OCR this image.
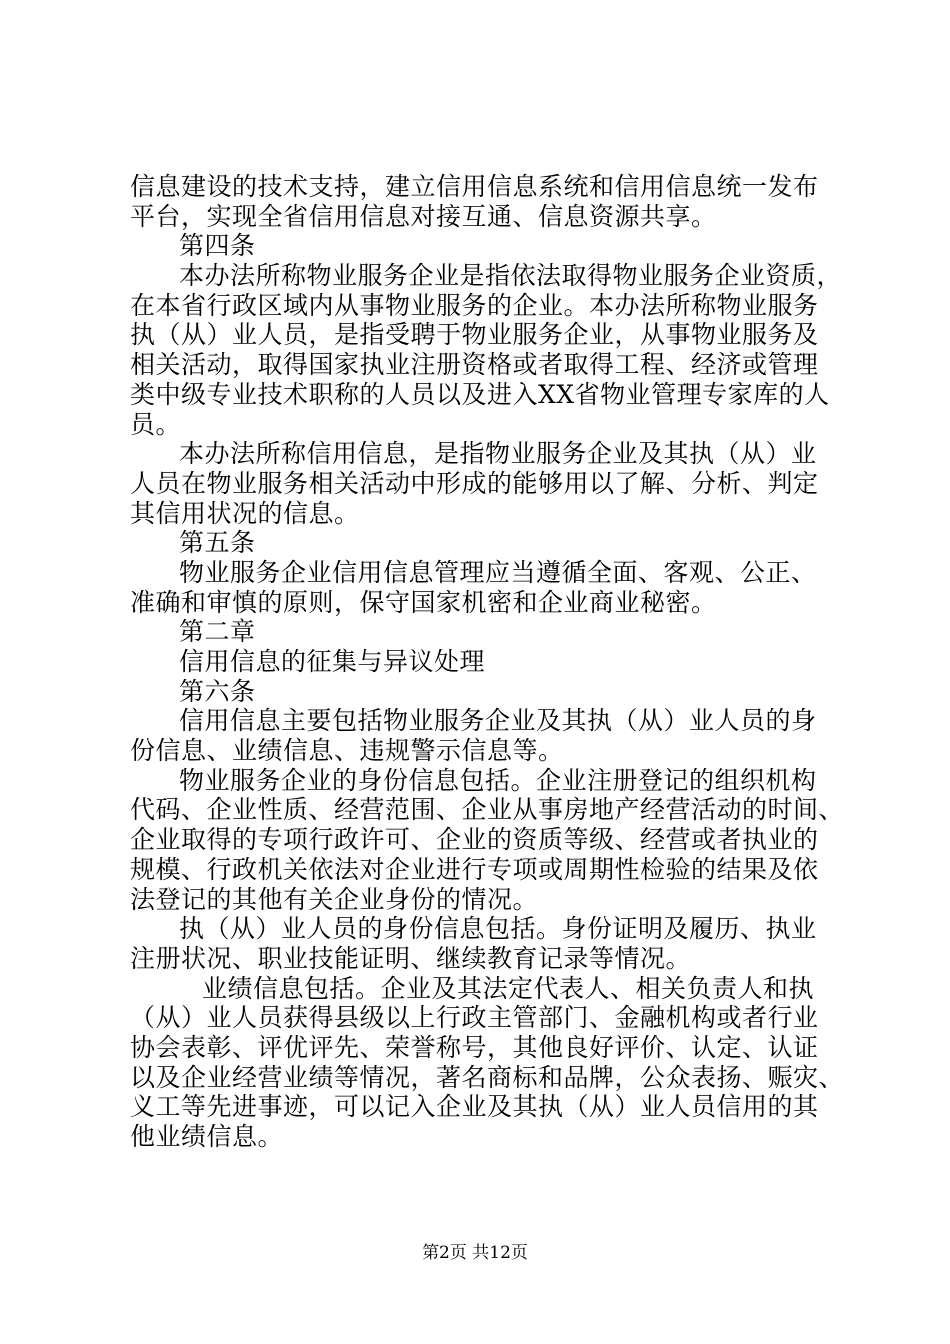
信息建设的技术支持，建立信用信息系统和信用信息统一发布
平台，实现全省信用信息对接互通、信息资源共享。
第四条
本办法所称物业服务企业是指依法取得物业服务企业资质，
在本省行政区域内从事物业服务的企业。本办法所称物业服务
执（从）业人员，是指受聘于物业服务企业，从事物业服务及
相关活动，取得国家执业注册资格或者取得工程、经济或管理
类中级专业技术职称的人员以及进入XX省物业管理专家库的人
员。
本办法所称信用信息，是指物业服务企业及其执（从）业
人员在物业服务相关活动中形成的能够用以了解、分析、判定
其信用状况的信息。
第五条
物业服务企业信用信息管理应当遵循全面、客观、公正、
准确和审慎的原则，保守国家机密和企业商业秘密。
第二章
信用信息的征集与异议处理
第六条
信用信息主要包括物业服务企业及其执（从）业人员的身
份信息、业绩信息、违规警示信息等。
物业服务企业的身份信息包括。企业注册登记的组织机构
代码、企业性质、经营范围、企业从事房地产经营活动的时间、
企业取得的专项行政许可、企业的资质等级、经营或者执业的
规模、行政机关依法对企业进行专项或周期性检验的结果及依
法登记的其他有关企业身份的情况。
执（从）业人员的身份信息包括。身份证明及履历、执业
注册状况、职业技能证明、继续教育记录等情况。
业绩信息包括。企业及其法定代表人、相关负责人和执
（从）业人员获得县级以上行政主管部门、金融机构或者行业
协会表彰、评优评先、荣誉称号，其他良好评价、认定、认证
以及企业经营业绩等情况，著名商标和品牌，公众表扬、赈灾、
义工等先进事迹，可以记入企业及其执（从）业人员信用的其
他业绩信息。
第2页 共12页
